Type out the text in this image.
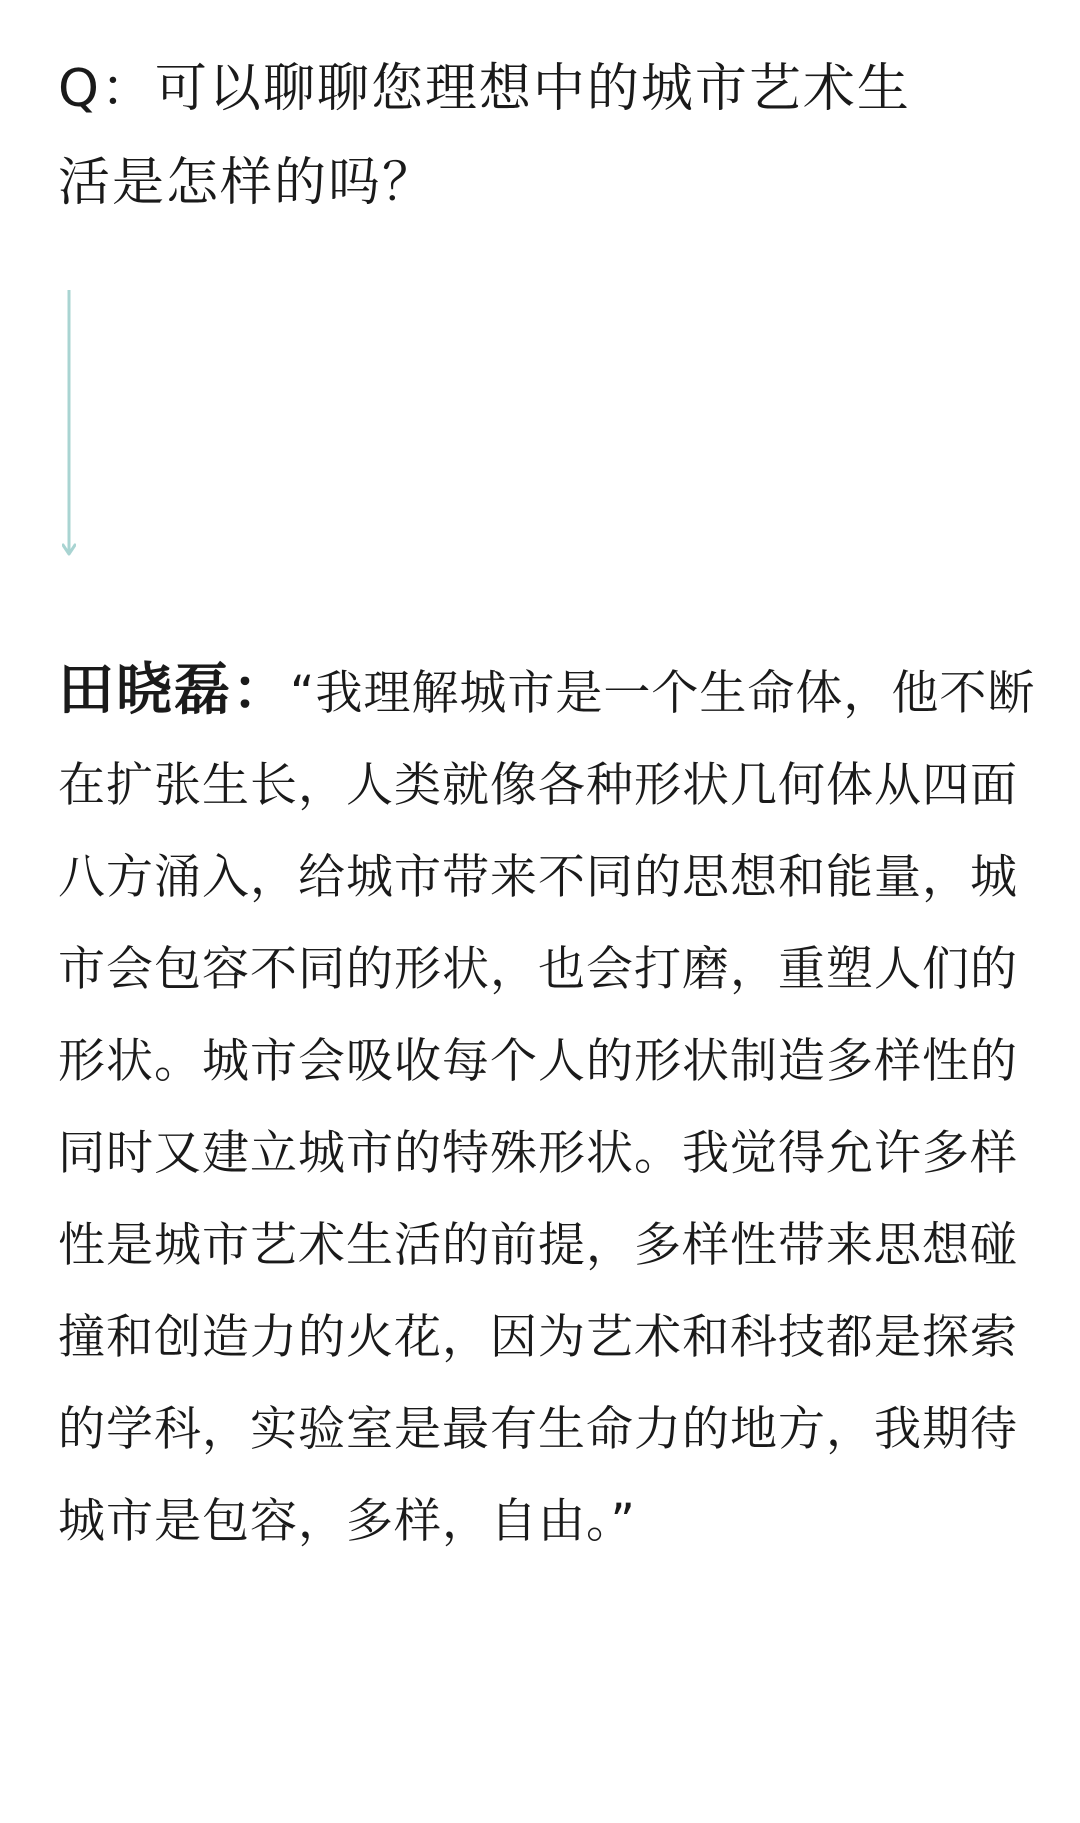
Q：可以聊聊您理想中的城市艺术生活是怎样的吗？

田晓磊：“我理解城市是一个生命体，他不断在扩张生长，人类就像各种形状几何体从四面八方涌入，给城市带来不同的思想和能量，城市会包容不同的形状，也会打磨，重塑人们的形状。城市会吸收每个人的形状制造多样性的同时又建立城市的特殊形状。我觉得允许多样性是城市艺术生活的前提，多样性带来思想碰撞和创造力的火花，因为艺术和科技都是探索的学科，实验室是最有生命力的地方，我期待城市是包容，多样，自由。”
